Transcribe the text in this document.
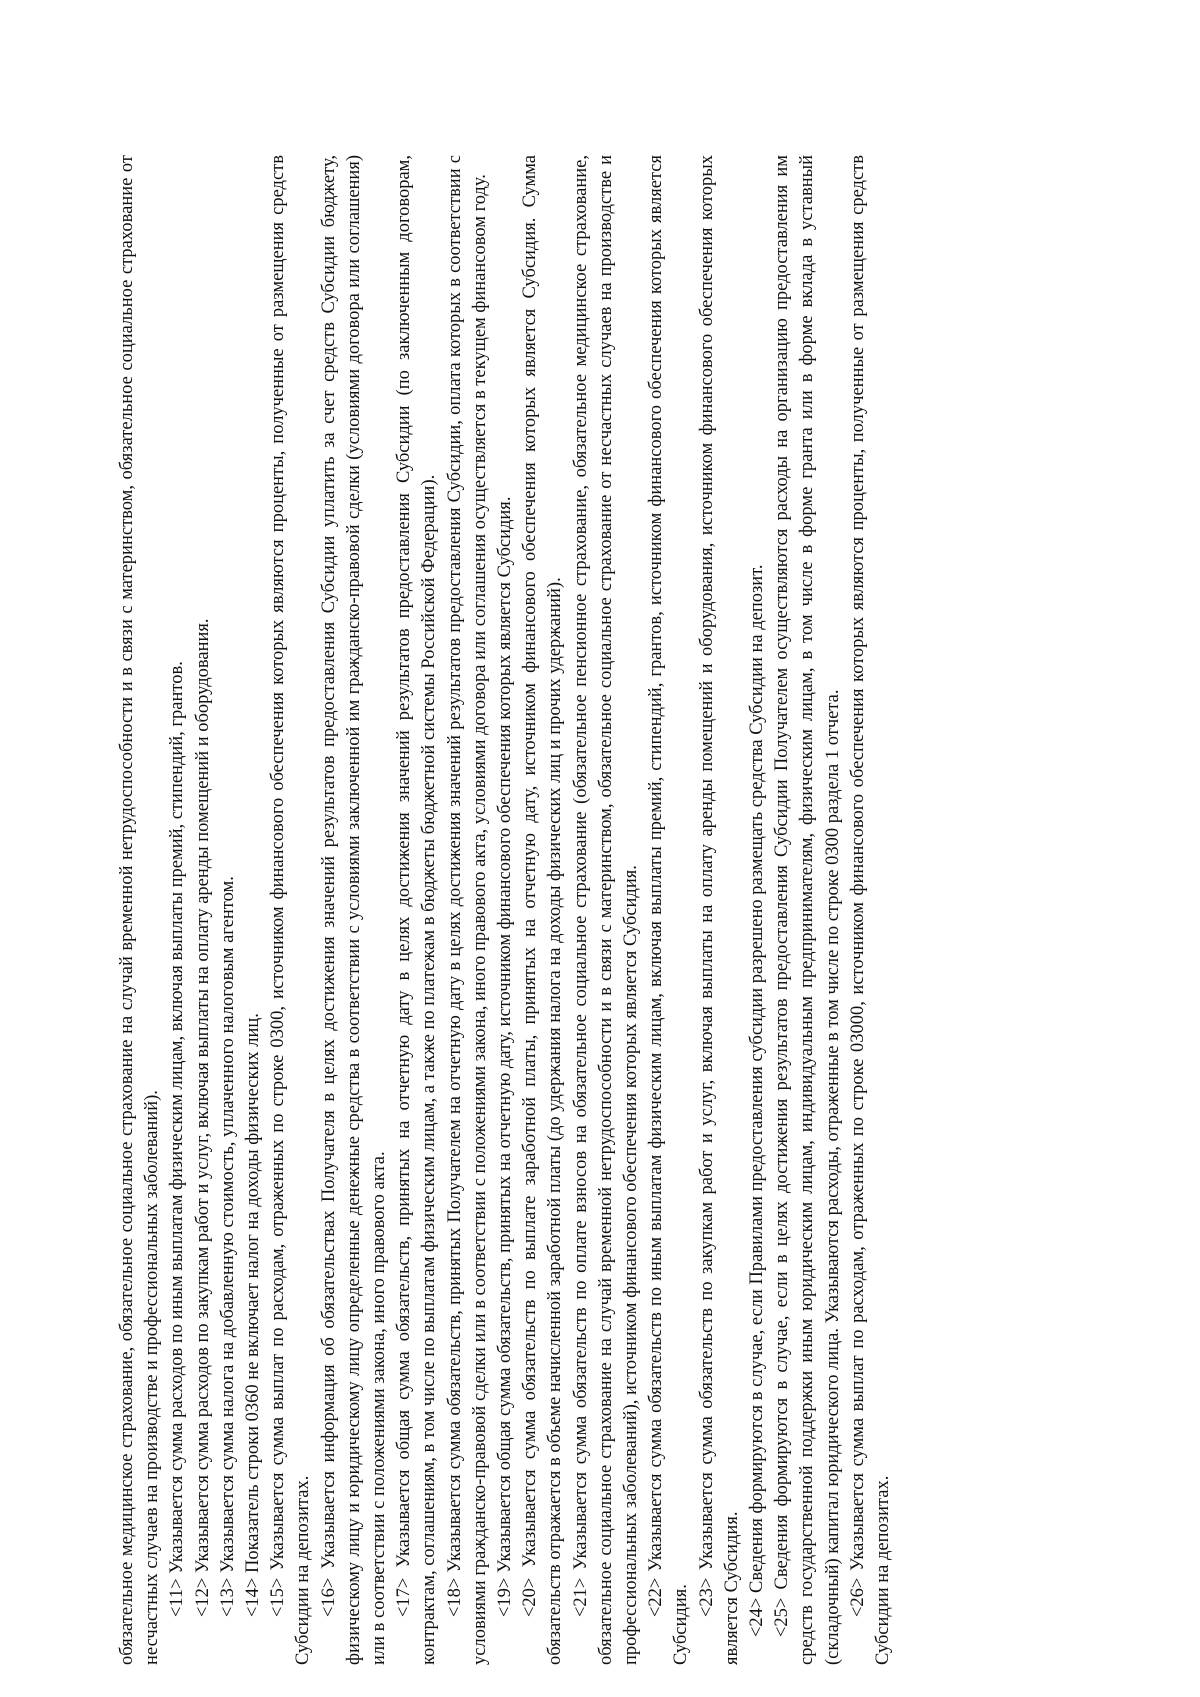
обязательное медицинское страхование, обязательное социальное страхование на случай временной нетрудоспособности и в связи с материнством, обязательное социальное страхование от несчастных случаев на производстве и профессиональных заболеваний). <11> Указывается сумма расходов по иным выплатам физическим лицам, включая выплаты премий, стипендий, грантов. <12> Указывается сумма расходов по закупкам работ и услуг, включая выплаты на оплату аренды помещений и оборудования. <13> Указывается сумма налога на добавленную стоимость, уплаченного налоговым агентом. <14> Показатель строки 0360 не включает налог на доходы физических лиц. <15> Указывается сумма выплат по расходам, отраженных по строке 0300, источником финансового обеспечения которых являются проценты, полученные от размещения средств Субсидии на депозитах. <16> Указывается информация об обязательствах Получателя в целях достижения значений результатов предоставления Субсидии уплатить за счет средств Субсидии бюджету, физическому лицу и юридическому лицу определенные денежные средства в соответствии с условиями заключенной им гражданско-правовой сделки (условиями договора или соглашения) или в соответствии с положениями закона, иного правового акта. <17> Указывается общая сумма обязательств, принятых на отчетную дату в целях достижения значений результатов предоставления Субсидии (по заключенным договорам, контрактам, соглашениям, в том числе по выплатам физическим лицам, а также по платежам в бюджеты бюджетной системы Российской Федерации). <18> Указывается сумма обязательств, принятых Получателем на отчетную дату в целях достижения значений результатов предоставления Субсидии, оплата которых в соответствии с условиями гражданско-правовой сделки или в соответствии с положениями закона, иного правового акта, условиями договора или соглашения осуществляется в текущем финансовом году. <19> Указывается общая сумма обязательств, принятых на отчетную дату, источником финансового обеспечения которых является Субсидия. <20> Указывается сумма обязательств по выплате заработной платы, принятых на отчетную дату, источником финансового обеспечения которых является Субсидия. Сумма обязательств отражается в объеме начисленной заработной платы (до удержания налога на доходы физических лиц и прочих удержаний). <21> Указывается сумма обязательств по оплате взносов на обязательное социальное страхование (обязательное пенсионное страхование, обязательное медицинское страхование, обязательное социальное страхование на случай временной нетрудоспособности и в связи с материнством, обязательное социальное страхование от несчастных случаев на производстве и профессиональных заболеваний), источником финансового обеспечения которых является Субсидия. <22> Указывается сумма обязательств по иным выплатам физическим лицам, включая выплаты премий, стипендий, грантов, источником финансового обеспечения которых является Субсидия.

<23> Указывается сумма обязательств по закупкам работ и услуг, включая выплаты на оплату аренды помещений и оборудования, источником финансового обеспечения которых является Субсидия. <24> Сведения формируются в случае, если Правилами предоставления субсидии разрешено размещать средства Субсидии на депозит. <25> Сведения формируются в случае, если в целях достижения результатов предоставления Субсидии Получателем осуществляются расходы на организацию предоставления им средств государственной поддержки иным юридическим лицам, индивидуальным предпринимателям, физическим лицам, в том числе в форме гранта или в форме вклада в уставный (складочный) капитал юридического лица. Указываются расходы, отраженные в том числе по строке 0300 раздела 1 отчета. <26> Указывается сумма выплат по расходам, отраженных по строке 03000, источником финансового обеспечения которых являются проценты, полученные от размещения средств Субсидии на депозитах.
